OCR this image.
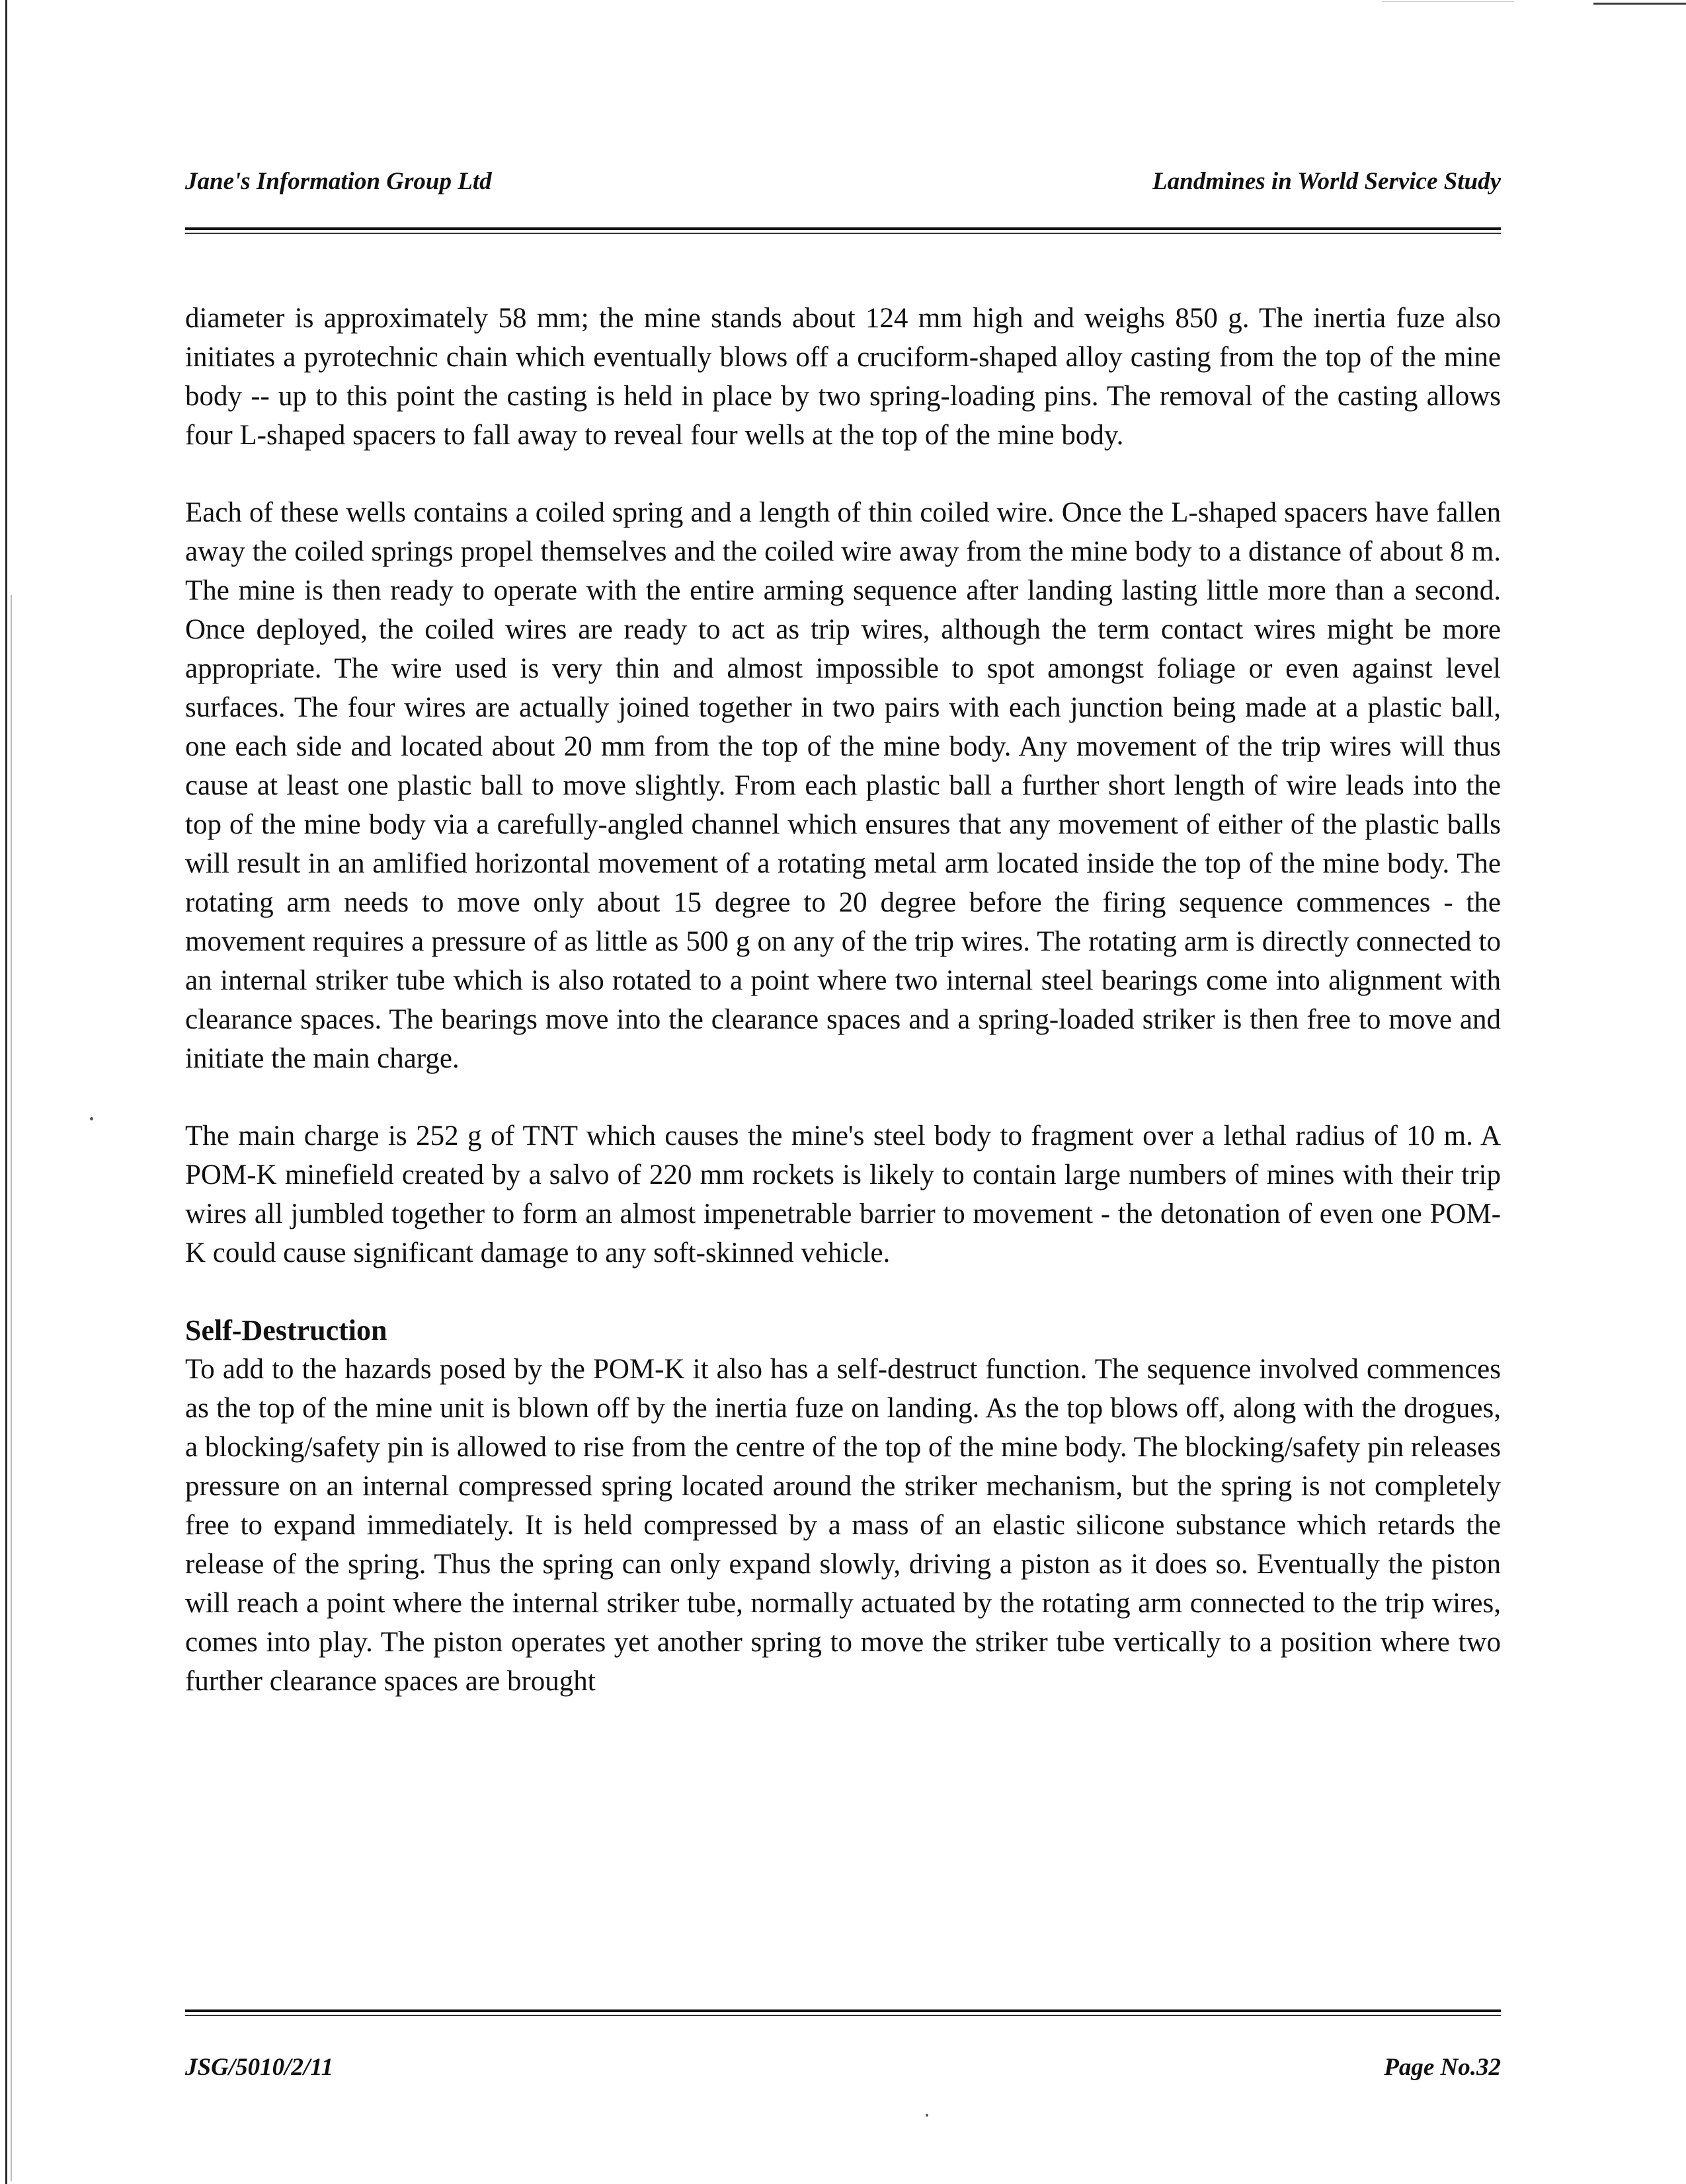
Jane's Information Group Ltd	Landmines in World Service Study

diameter is approximately 58 mm; the mine stands about 124 mm high and weighs 850 g. The inertia fuze also initiates a pyrotechnic chain which eventually blows off a cruciform-shaped alloy casting from the top of the mine body -- up to this point the casting is held in place by two spring-loading pins. The removal of the casting allows four L-shaped spacers to fall away to reveal four wells at the top of the mine body.

Each of these wells contains a coiled spring and a length of thin coiled wire. Once the L-shaped spacers have fallen away the coiled springs propel themselves and the coiled wire away from the mine body to a distance of about 8 m. The mine is then ready to operate with the entire arming sequence after landing lasting little more than a second. Once deployed, the coiled wires are ready to act as trip wires, although the term contact wires might be more appropriate. The wire used is very thin and almost impossible to spot amongst foliage or even against level surfaces. The four wires are actually joined together in two pairs with each junction being made at a plastic ball, one each side and located about 20 mm from the top of the mine body. Any movement of the trip wires will thus cause at least one plastic ball to move slightly. From each plastic ball a further short length of wire leads into the top of the mine body via a carefully-angled channel which ensures that any movement of either of the plastic balls will result in an amlified horizontal movement of a rotating metal arm located inside the top of the mine body. The rotating arm needs to move only about 15 degree to 20 degree before the firing sequence commences - the movement requires a pressure of as little as 500 g on any of the trip wires. The rotating arm is directly connected to an internal striker tube which is also rotated to a point where two internal steel bearings come into alignment with clearance spaces. The bearings move into the clearance spaces and a spring-loaded striker is then free to move and initiate the main charge.

The main charge is 252 g of TNT which causes the mine's steel body to fragment over a lethal radius of 10 m. A POM-K minefield created by a salvo of 220 mm rockets is likely to contain large numbers of mines with their trip wires all jumbled together to form an almost impenetrable barrier to movement - the detonation of even one POM-K could cause significant damage to any soft-skinned vehicle.

Self-Destruction

To add to the hazards posed by the POM-K it also has a self-destruct function. The sequence involved commences as the top of the mine unit is blown off by the inertia fuze on landing. As the top blows off, along with the drogues, a blocking/safety pin is allowed to rise from the centre of the top of the mine body. The blocking/safety pin releases pressure on an internal compressed spring located around the striker mechanism, but the spring is not completely free to expand immediately. It is held compressed by a mass of an elastic silicone substance which retards the release of the spring. Thus the spring can only expand slowly, driving a piston as it does so. Eventually the piston will reach a point where the internal striker tube, normally actuated by the rotating arm connected to the trip wires, comes into play. The piston operates yet another spring to move the striker tube vertically to a position where two further clearance spaces are brought

JSG/5010/2/11	Page No.32
